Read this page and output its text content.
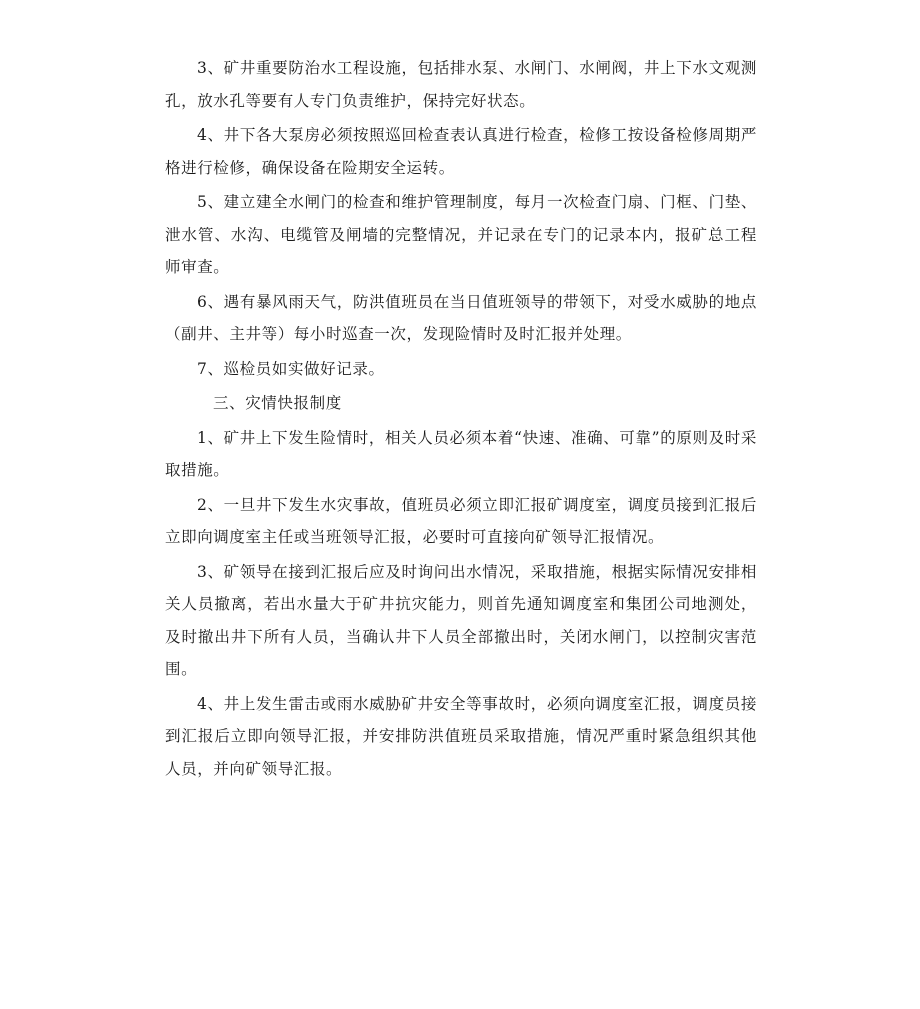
3、矿井重要防治水工程设施，包括排水泵、水闸门、水闸阀，井上下水文观测孔，放水孔等要有人专门负责维护，保持完好状态。

4、井下各大泵房必须按照巡回检查表认真进行检查，检修工按设备检修周期严格进行检修，确保设备在险期安全运转。

5、建立建全水闸门的检查和维护管理制度，每月一次检查门扇、门框、门垫、泄水管、水沟、电缆管及闸墙的完整情况，并记录在专门的记录本内，报矿总工程师审查。

6、遇有暴风雨天气，防洪值班员在当日值班领导的带领下，对受水威胁的地点（副井、主井等）每小时巡查一次，发现险情时及时汇报并处理。

7、巡检员如实做好记录。

三、灾情快报制度

1、矿井上下发生险情时，相关人员必须本着“快速、准确、可靠”的原则及时采取措施。

2、一旦井下发生水灾事故，值班员必须立即汇报矿调度室，调度员接到汇报后立即向调度室主任或当班领导汇报，必要时可直接向矿领导汇报情况。

3、矿领导在接到汇报后应及时询问出水情况，采取措施，根据实际情况安排相关人员撤离，若出水量大于矿井抗灾能力，则首先通知调度室和集团公司地测处，及时撤出井下所有人员，当确认井下人员全部撤出时，关闭水闸门，以控制灾害范围。

4、井上发生雷击或雨水威胁矿井安全等事故时，必须向调度室汇报，调度员接到汇报后立即向领导汇报，并安排防洪值班员采取措施，情况严重时紧急组织其他人员，并向矿领导汇报。
